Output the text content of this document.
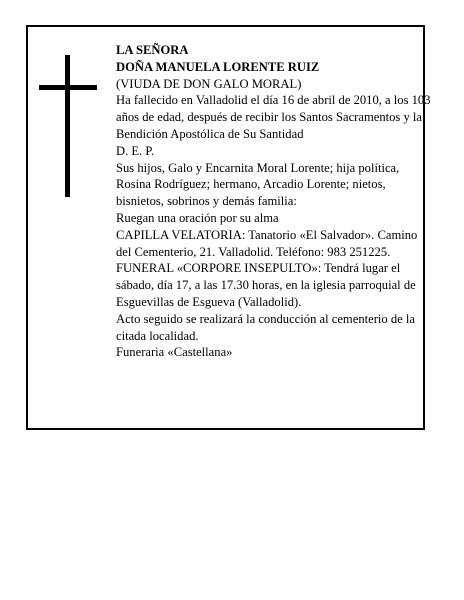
LA SEÑORA

DOÑA MANUELA LORENTE RUIZ

(VIUDA DE DON GALO MORAL)

Ha fallecido en Valladolid el día 16 de abril de 2010, a los 103 años de edad, después de recibir los Santos Sacramentos y la Bendición Apostólica de Su Santidad

D. E. P.

Sus hijos, Galo y Encarnita Moral Lorente; hija política, Rosina Rodríguez; hermano, Arcadio Lorente; nietos, bisnietos, sobrinos y demás familia:

Ruegan una oración por su alma

CAPILLA VELATORIA: Tanatorio «El Salvador». Camino del Cementerio, 21. Valladolid. Teléfono: 983 251225.

FUNERAL «CORPORE INSEPULTO»: Tendrá lugar el sábado, día 17, a las 17.30 horas, en la iglesia parroquial de Esguevillas de Esgueva (Valladolid).

Acto seguido se realizará la conducción al cementerio de la citada localidad.

Funeraria «Castellana»
